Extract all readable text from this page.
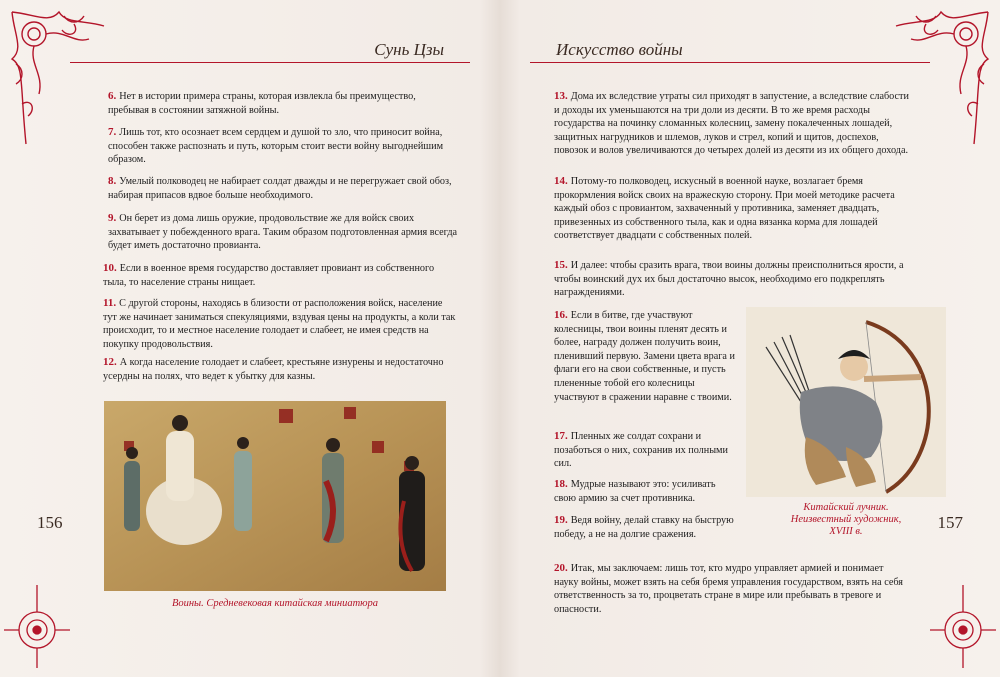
Сунь Цзы
6. Нет в истории примера страны, которая извлекла бы преимущество, пребывая в состоянии затяжной войны.
7. Лишь тот, кто осознает всем сердцем и душой то зло, что приносит война, способен также распознать и путь, которым стоит вести войну выгоднейшим образом.
8. Умелый полководец не набирает солдат дважды и не перегружает свой обоз, набирая припасов вдвое больше необходимого.
9. Он берет из дома лишь оружие, продовольствие же для войск своих захватывает у побежденного врага. Таким образом подготовленная армия всегда будет иметь достаточно провианта.
10. Если в военное время государство доставляет провиант из собственного тыла, то население страны нищает.
11. С другой стороны, находясь в близости от расположения войск, население тут же начинает заниматься спекуляциями, вздувая цены на продукты, а коли так происходит, то и местное население голодает и слабеет, не имея средств на покупку продовольствия.
12. А когда население голодает и слабеет, крестьяне изнурены и недостаточно усердны на полях, что ведет к убытку для казны.
Воины. Средневековая китайская миниатюра
156
Искусство войны
13. Дома их вследствие утраты сил приходят в запустение, а вследствие слабости и доходы их уменьшаются на три доли из десяти. В то же время расходы государства на починку сломанных колесниц, замену покалеченных лошадей, защитных нагрудников и шлемов, луков и стрел, копий и щитов, доспехов, повозок и волов увеличиваются до четырех долей из десяти из их общего дохода.
14. Потому-то полководец, искусный в военной науке, возлагает бремя прокормления войск своих на вражескую сторону. При моей методике расчета каждый обоз с провиантом, захваченный у противника, заменяет двадцать, привезенных из собственного тыла, как и одна вязанка корма для лошадей соответствует двадцати с собственных полей.
15. И далее: чтобы сразить врага, твои воины должны преисполниться ярости, а чтобы воинский дух их был достаточно высок, необходимо его подкреплять награждениями.
16. Если в битве, где участвуют колесницы, твои воины пленят десять и более, награду должен получить воин, пленивший первую. Замени цвета врага и флаги его на свои собственные, и пусть плененные тобой его колесницы участвуют в сражении наравне с твоими.
17. Пленных же солдат сохрани и позаботься о них, сохранив их полными сил.
18. Мудрые называют это: усиливать свою армию за счет противника.
19. Ведя войну, делай ставку на быструю победу, а не на долгие сражения.
20. Итак, мы заключаем: лишь тот, кто мудро управляет армией и понимает науку войны, может взять на себя бремя управления государством, взять на себя ответственность за то, процветать стране в мире или пребывать в тревоге и опасности.
Китайский лучник.
Неизвестный художник,
XVIII в.	157
